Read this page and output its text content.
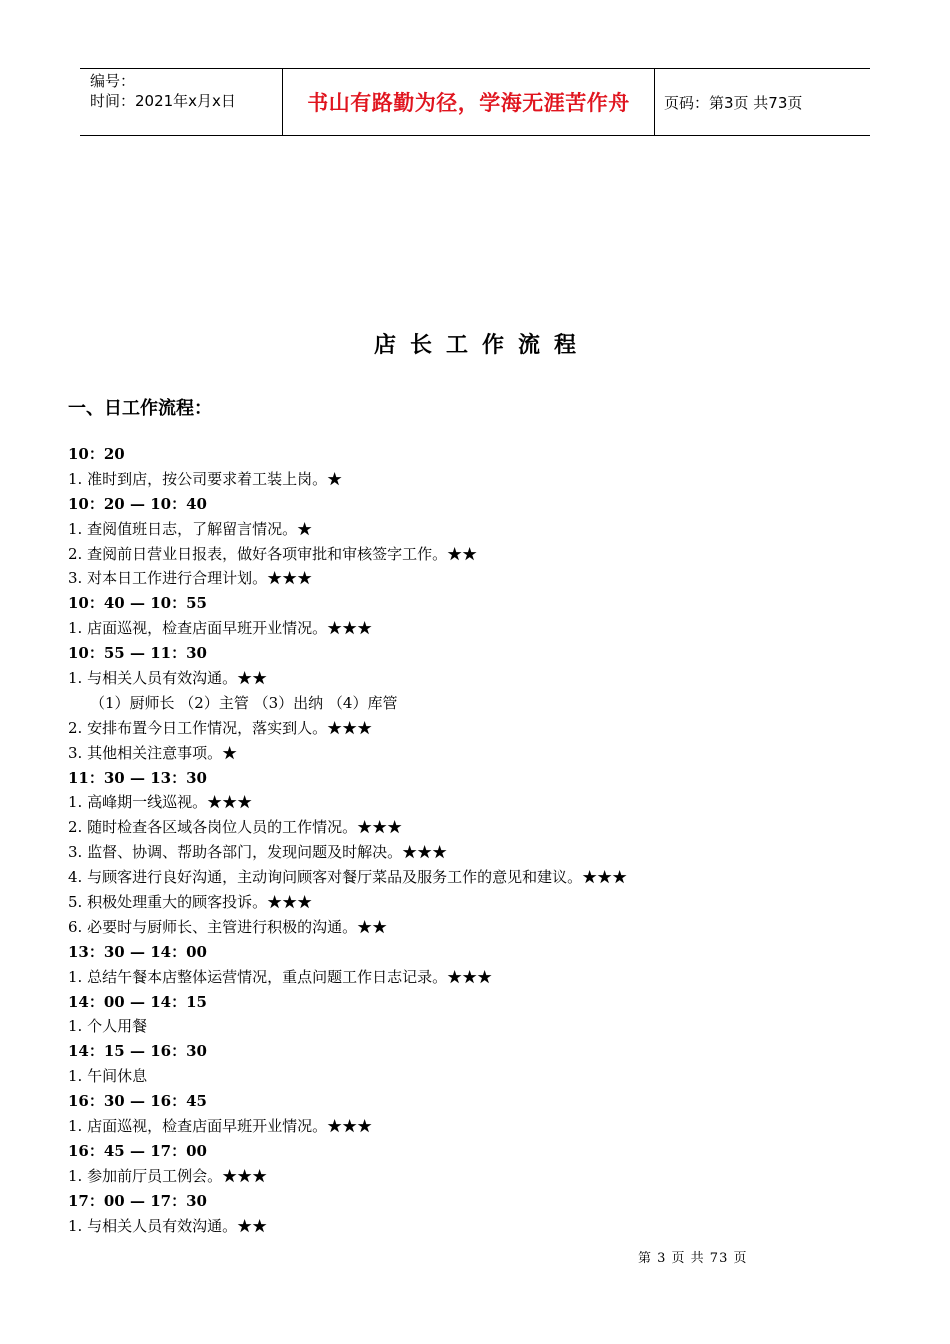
编号：
时间：2021年x月x日	书山有路勤为径，学海无涯苦作舟 页码：第3页 共73页
店长工作流程
一、日工作流程：
10：20
1. 准时到店，按公司要求着工装上岗。★
10：20 — 10：40
1. 查阅值班日志，了解留言情况。★
2. 查阅前日营业日报表，做好各项审批和审核签字工作。★★
3. 对本日工作进行合理计划。★★★
10：40 — 10：55
1. 店面巡视，检查店面早班开业情况。★★★
10：55 — 11：30
1. 与相关人员有效沟通。★★
（1）厨师长 （2）主管 （3）出纳 （4）库管
2. 安排布置今日工作情况，落实到人。★★★
3. 其他相关注意事项。★
11：30 — 13：30
1. 高峰期一线巡视。★★★
2. 随时检查各区域各岗位人员的工作情况。★★★
3. 监督、协调、帮助各部门，发现问题及时解决。★★★
4. 与顾客进行良好沟通，主动询问顾客对餐厅菜品及服务工作的意见和建议。★★★
5. 积极处理重大的顾客投诉。★★★
6. 必要时与厨师长、主管进行积极的沟通。★★
13：30 — 14：00
1. 总结午餐本店整体运营情况，重点问题工作日志记录。★★★
14：00 — 14：15
1. 个人用餐
14：15 — 16：30
1. 午间休息
16：30 — 16：45
1. 店面巡视，检查店面早班开业情况。★★★
16：45 — 17：00
1. 参加前厅员工例会。★★★
17：00 — 17：30
1. 与相关人员有效沟通。★★
第 3 页 共 73 页
